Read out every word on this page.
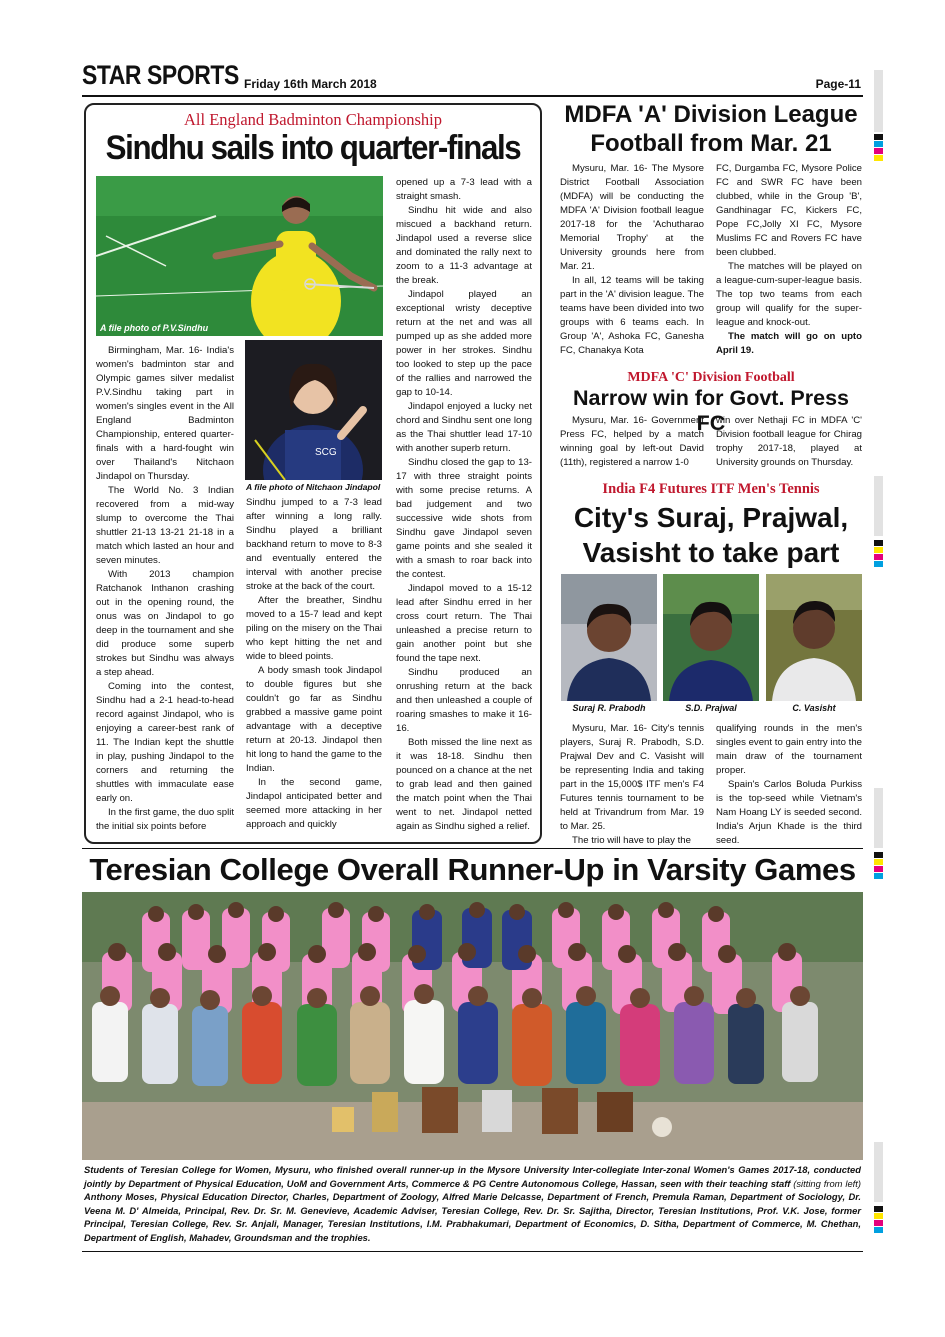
STAR SPORTS Friday 16th March 2018	Page-11
All England Badminton Championship
Sindhu sails into quarter-finals
A file photo of P.V.Sindhu
SCG
A file photo of Nitchaon Jindapol

Birmingham, Mar. 16- India's women's badminton star and Olympic games silver medalist P.V.Sindhu taking part in women's singles event in the All England Badminton Championship, entered quarter-finals with a hard-fought win over Thailand's Nitchaon Jindapol on Thursday.

The World No. 3 Indian recovered from a mid-way slump to overcome the Thai shuttler 21-13 13-21 21-18 in a match which lasted an hour and seven minutes.

With 2013 champion Ratchanok Inthanon crashing out in the opening round, the onus was on Jindapol to go deep in the tournament and she did produce some superb strokes but Sindhu was always a step ahead.

Coming into the contest, Sindhu had a 2-1 head-to-head record against Jindapol, who is enjoying a career-best rank of 11. The Indian kept the shuttle in play, pushing Jindapol to the corners and returning the shuttles with immaculate ease early on.

In the first game, the duo split the initial six points before

Sindhu jumped to a 7-3 lead after winning a long rally. Sindhu played a brilliant backhand return to move to 8-3 and eventually entered the interval with another precise stroke at the back of the court.

After the breather, Sindhu moved to a 15-7 lead and kept piling on the misery on the Thai who kept hitting the net and wide to bleed points.

A body smash took Jindapol to double figures but she couldn't go far as Sindhu grabbed a massive game point advantage with a deceptive return at 20-13. Jindapol then hit long to hand the game to the Indian.

In the second game, Jindapol anticipated better and seemed more attacking in her approach and quickly

opened up a 7-3 lead with a straight smash.

Sindhu hit wide and also miscued a backhand return. Jindapol used a reverse slice and dominated the rally next to zoom to a 11-3 advantage at the break.

Jindapol played an exceptional wristy deceptive return at the net and was all pumped up as she added more power in her strokes. Sindhu too looked to step up the pace of the rallies and narrowed the gap to 10-14.

Jindapol enjoyed a lucky net chord and Sindhu sent one long as the Thai shuttler lead 17-10 with another superb return.

Sindhu closed the gap to 13-17 with three straight points with some precise returns. A bad judgement and two successive wide shots from Sindhu gave Jindapol seven game points and she sealed it with a smash to roar back into the contest.

Jindapol moved to a 15-12 lead after Sindhu erred in her cross court return. The Thai unleashed a precise return to gain another point but she found the tape next.

Sindhu produced an onrushing return at the back and then unleashed a couple of roaring smashes to make it 16-16.

Both missed the line next as it was 18-18. Sindhu then pounced on a chance at the net to grab lead and then gained the match point when the Thai went to net. Jindapol netted again as Sindhu sighed a relief.

MDFA 'A' Division League
Football from Mar. 21

Mysuru, Mar. 16- The Mysore District Football Association (MDFA) will be conducting the MDFA 'A' Division football league 2017-18 for the 'Achutharao Memorial Trophy' at the University grounds here from Mar. 21.

In all, 12 teams will be taking part in the 'A' division league. The teams have been divided into two groups with 6 teams each. In Group 'A', Ashoka FC, Ganesha FC, Chanakya Kota

FC, Durgamba FC, Mysore Police FC and SWR FC have been clubbed, while in the Group 'B', Gandhinagar FC, Kickers FC, Pope FC,Jolly XI FC, Mysore Muslims FC and Rovers FC have been clubbed.

The matches will be played on a league-cum-super-league basis. The top two teams from each group will qualify for the super-league and knock-out.

The match will go on upto April 19.

MDFA 'C' Division Football
Narrow win for Govt. Press FC

Mysuru, Mar. 16- Government Press FC, helped by a match winning goal by left-out David (11th), registered a narrow 1-0

win over Nethaji FC in MDFA 'C' Division football league for Chirag trophy 2017-18, played at University grounds on Thursday.

India F4 Futures ITF Men's Tennis
City's Suraj, Prajwal,
Vasisht to take part
Suraj R. Prabodh	S.D. Prajwal	C. Vasisht

Mysuru, Mar. 16- City's tennis players, Suraj R. Prabodh, S.D. Prajwal Dev and C. Vasisht will be representing India and taking part in the 15,000$ ITF men's F4 Futures tennis tournament to be held at Trivandrum from Mar. 19 to Mar. 25.

The trio will have to play the

qualifying rounds in the men's singles event to gain entry into the main draw of the tournament proper.

Spain's Carlos Boluda Purkiss is the top-seed while Vietnam's Nam Hoang LY is seeded second. India's Arjun Khade is the third seed.

Teresian College Overall Runner-Up in Varsity Games
Students of Teresian College for Women, Mysuru, who finished overall runner-up in the Mysore University Inter-collegiate Inter-zonal Women's Games 2017-18, conducted jointly by Department of Physical Education, UoM and Government Arts, Commerce & PG Centre Autonomous College, Hassan, seen with their teaching staff (sitting from left) Anthony Moses, Physical Education Director, Charles, Department of Zoology, Alfred Marie Delcasse, Department of French, Premula Raman, Department of Sociology, Dr. Veena M. D' Almeida, Principal, Rev. Dr. Sr. M. Genevieve, Academic Adviser, Teresian College, Rev. Dr. Sr. Sajitha, Director, Teresian Institutions, Prof. V.K. Jose, former Principal, Teresian College, Rev. Sr. Anjali, Manager, Teresian Institutions, I.M. Prabhakumari, Department of Economics, D. Sitha, Department of Commerce, M. Chethan, Department of English, Mahadev, Groundsman and the trophies.
